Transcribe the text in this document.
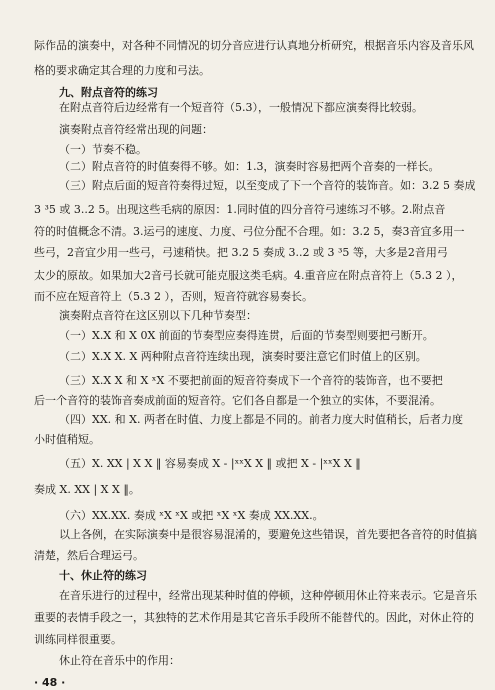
际作品的演奏中，对各种不同情况的切分音应进行认真地分析研究，根据音乐内容及音乐风
格的要求确定其合理的力度和弓法。
九、附点音符的练习
在附点音符后边经常有一个短音符（5.3），一般情况下都应演奏得比较弱。
演奏附点音符经常出现的问题：
（一）节奏不稳。
（二）附点音符的时值奏得不够。如：1.3，演奏时容易把两个音奏的一样长。
（三）附点后面的短音符奏得过短，以至变成了下一个音符的装饰音。如：3.2 5 奏成
3 ³5 或 3..2 5。出现这些毛病的原因：1.同时值的四分音符弓速练习不够。2.附点音
符的时值概念不清。3.运弓的速度、力度、弓位分配不合理。如：3.2 5，奏3音宜多用一
些弓，2音宜少用一些弓，弓速稍快。把 3.2 5 奏成 3..2 或 3 ³5 等，大多是2音用弓
太少的原故。如果加大2音弓长就可能克服这类毛病。4.重音应在附点音符上（5.3 2 ），
而不应在短音符上（5.3 2 ），否则，短音符就容易奏长。
演奏附点音符在这区别以下几种节奏型：
（一）X.X 和 X 0X 前面的节奏型应奏得连贯，后面的节奏型则要把弓断开。
（二）X.X X. X 两种附点音符连续出现，演奏时要注意它们时值上的区别。
（三）X.X X 和 X ˣX 不要把前面的短音符奏成下一个音符的装饰音，也不要把
后一个音符的装饰音奏成前面的短音符。它们各自都是一个独立的实体，不要混淆。
（四）XX. 和 X. 两者在时值、力度上都是不同的。前者力度大时值稍长，后者力度
小时值稍短。
（五）X. XX | X X ‖ 容易奏成 X - |ˣˣX X ‖ 或把 X - |ˣˣX X ‖
奏成 X. XX | X X ‖。
（六）XX.XX. 奏成 ˣX ˣX 或把 ˣX ˣX 奏成 XX.XX.。
以上各例，在实际演奏中是很容易混淆的，要避免这些错误，首先要把各音符的时值搞
清楚，然后合理运弓。
十、休止符的练习
在音乐进行的过程中，经常出现某种时值的停顿，这种停顿用休止符来表示。它是音乐
重要的表情手段之一，其独特的艺术作用是其它音乐手段所不能替代的。因此，对休止符的
训练同样很重要。
休止符在音乐中的作用：
· 48 ·
